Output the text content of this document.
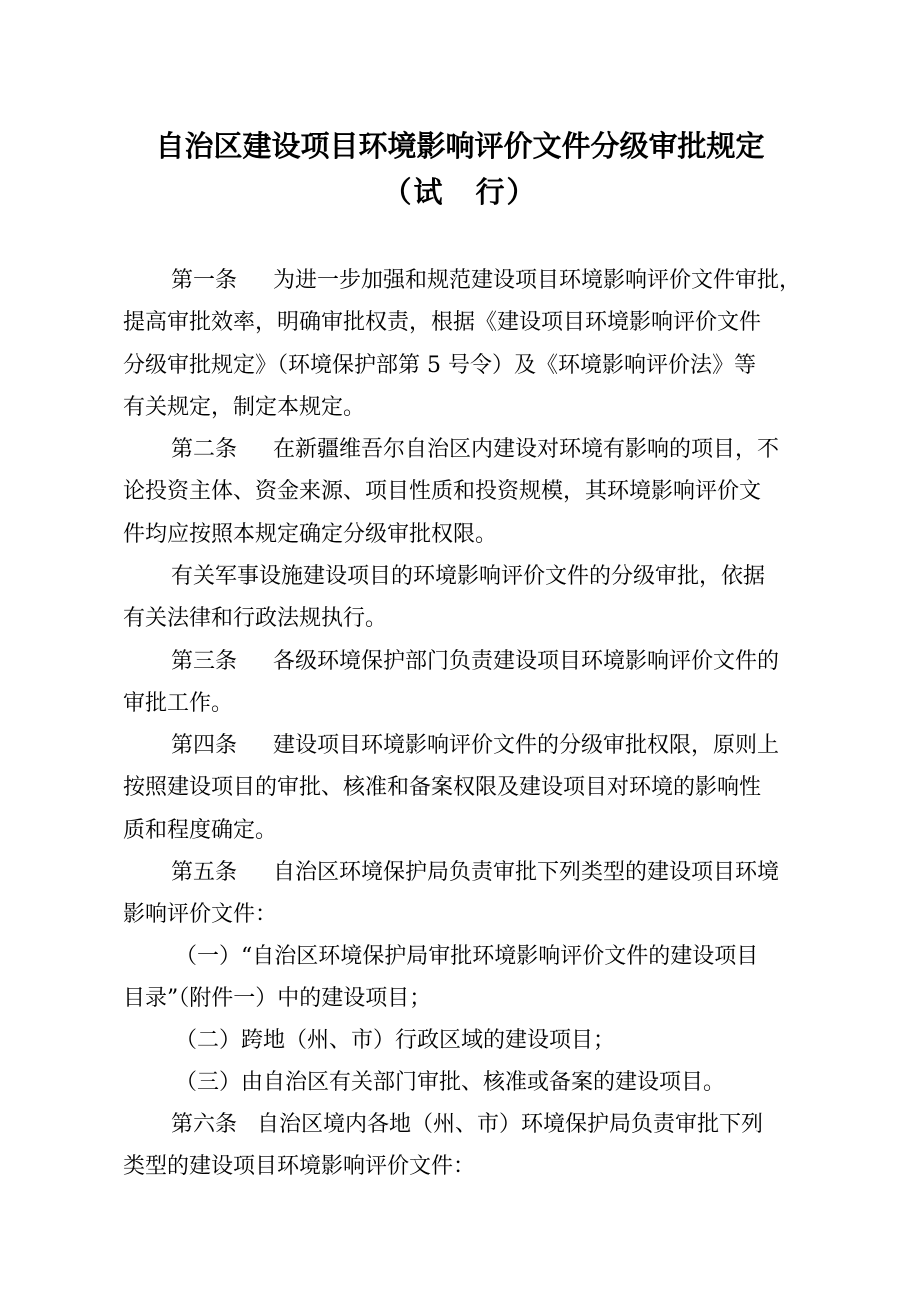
自治区建设项目环境影响评价文件分级审批规定
（试　行）
第一条 为进一步加强和规范建设项目环境影响评价文件审批，
提高审批效率，明确审批权责，根据《建设项目环境影响评价文件
分级审批规定》（环境保护部第 5 号令）及《环境影响评价法》等
有关规定，制定本规定。
第二条 在新疆维吾尔自治区内建设对环境有影响的项目，不
论投资主体、资金来源、项目性质和投资规模，其环境影响评价文
件均应按照本规定确定分级审批权限。
有关军事设施建设项目的环境影响评价文件的分级审批，依据
有关法律和行政法规执行。
第三条 各级环境保护部门负责建设项目环境影响评价文件的
审批工作。
第四条 建设项目环境影响评价文件的分级审批权限，原则上
按照建设项目的审批、核准和备案权限及建设项目对环境的影响性
质和程度确定。
第五条 自治区环境保护局负责审批下列类型的建设项目环境
影响评价文件：
（一）“自治区环境保护局审批环境影响评价文件的建设项目
目录”（附件一）中的建设项目；
（二）跨地（州、市）行政区域的建设项目；
（三）由自治区有关部门审批、核准或备案的建设项目。
第六条 自治区境内各地（州、市）环境保护局负责审批下列
类型的建设项目环境影响评价文件：
